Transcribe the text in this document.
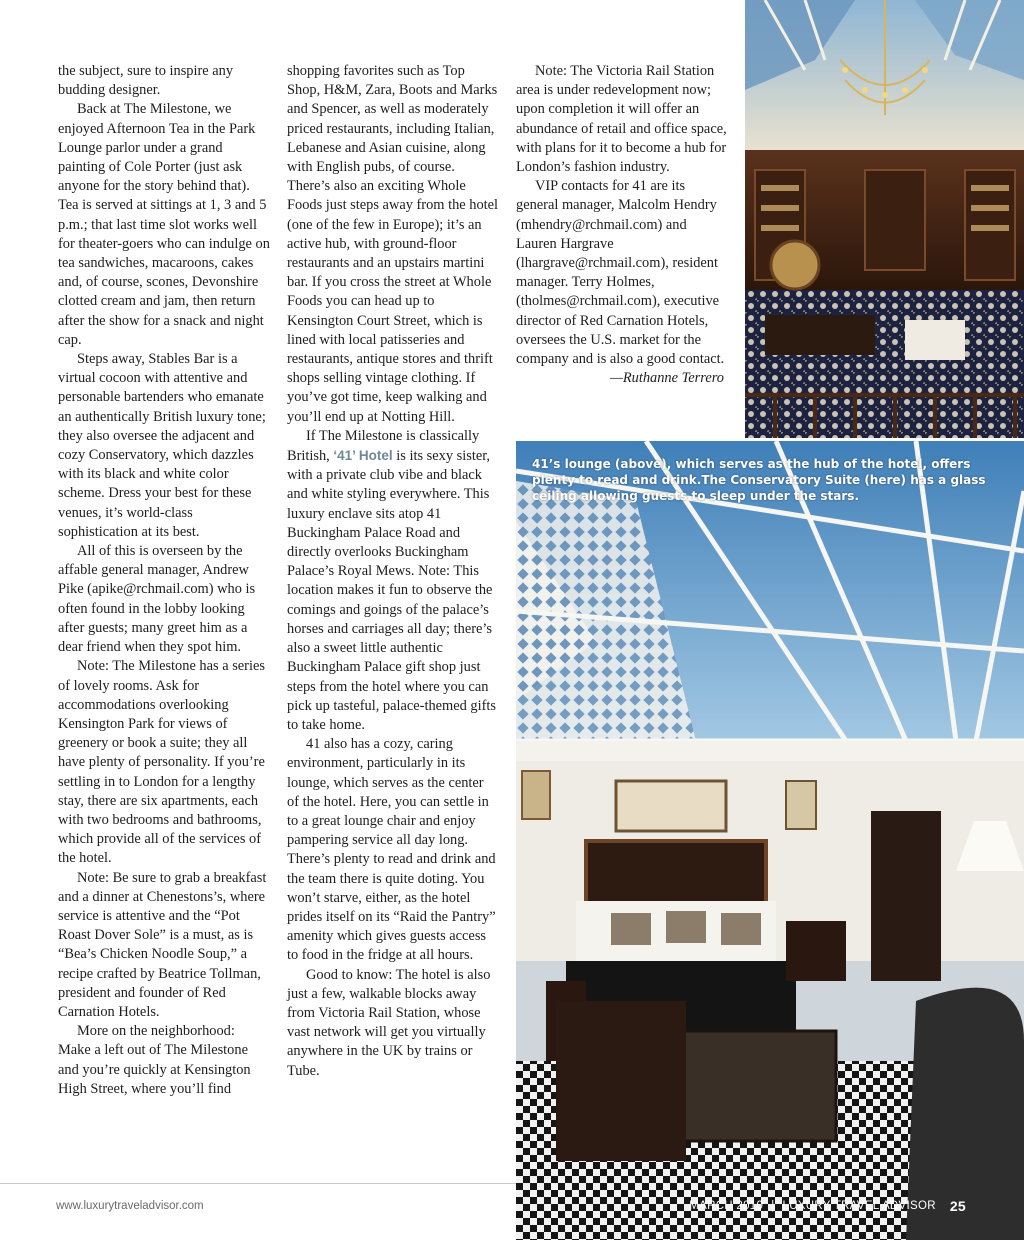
the subject, sure to inspire any budding designer.

Back at The Milestone, we enjoyed Afternoon Tea in the Park Lounge parlor under a grand painting of Cole Porter (just ask anyone for the story behind that). Tea is served at sittings at 1, 3 and 5 p.m.; that last time slot works well for theater-goers who can indulge on tea sandwiches, macaroons, cakes and, of course, scones, Devonshire clotted cream and jam, then return after the show for a snack and night cap.

Steps away, Stables Bar is a virtual cocoon with attentive and personable bartenders who emanate an authentically British luxury tone; they also oversee the adjacent and cozy Conservatory, which dazzles with its black and white color scheme. Dress your best for these venues, it’s world-class sophistication at its best.

All of this is overseen by the affable general manager, Andrew Pike (apike@rchmail.com) who is often found in the lobby looking after guests; many greet him as a dear friend when they spot him.

Note: The Milestone has a series of lovely rooms. Ask for accommodations overlooking Kensington Park for views of greenery or book a suite; they all have plenty of personality. If you’re settling in to London for a lengthy stay, there are six apartments, each with two bedrooms and bathrooms, which provide all of the services of the hotel.

Note: Be sure to grab a breakfast and a dinner at Chenestons’s, where service is attentive and the “Pot Roast Dover Sole” is a must, as is “Bea’s Chicken Noodle Soup,” a recipe crafted by Beatrice Tollman, president and founder of Red Carnation Hotels.

More on the neighborhood: Make a left out of The Milestone and you’re quickly at Kensington High Street, where you’ll find

shopping favorites such as Top Shop, H&M, Zara, Boots and Marks and Spencer, as well as moderately priced restaurants, including Italian, Lebanese and Asian cuisine, along with English pubs, of course. There’s also an exciting Whole Foods just steps away from the hotel (one of the few in Europe); it’s an active hub, with ground-floor restaurants and an upstairs martini bar. If you cross the street at Whole Foods you can head up to Kensington Court Street, which is lined with local patisseries and restaurants, antique stores and thrift shops selling vintage clothing. If you’ve got time, keep walking and you’ll end up at Notting Hill.

If The Milestone is classically British, ‘41’ Hotel is its sexy sister, with a private club vibe and black and white styling everywhere. This luxury enclave sits atop 41 Buckingham Palace Road and directly overlooks Buckingham Palace’s Royal Mews. Note: This location makes it fun to observe the comings and goings of the palace’s horses and carriages all day; there’s also a sweet little authentic Buckingham Palace gift shop just steps from the hotel where you can pick up tasteful, palace-themed gifts to take home.

41 also has a cozy, caring environment, particularly in its lounge, which serves as the center of the hotel. Here, you can settle in to a great lounge chair and enjoy pampering service all day long. There’s plenty to read and drink and the team there is quite doting. You won’t starve, either, as the hotel prides itself on its “Raid the Pantry” amenity which gives guests access to food in the fridge at all hours.

Good to know: The hotel is also just a few, walkable blocks away from Victoria Rail Station, whose vast network will get you virtually anywhere in the UK by trains or Tube.

Note: The Victoria Rail Station area is under redevelopment now; upon completion it will offer an abundance of retail and office space, with plans for it to become a hub for London’s fashion industry.

VIP contacts for 41 are its general manager, Malcolm Hendry (mhendry@rchmail.com) and Lauren Hargrave (lhargrave@rchmail.com), resident manager. Terry Holmes, (tholmes@rchmail.com), executive director of Red Carnation Hotels, oversees the U.S. market for the company and is also a good contact.

—Ruthanne Terrero

41’s lounge (above), which serves as the hub of the hotel, offers plenty to read and drink.The Conservatory Suite (here) has a glass ceiling allowing guests to sleep under the stars.
www.luxurytraveladvisor.com	MARCH 2010 | LUXURY TRAVEL ADVISOR 25
